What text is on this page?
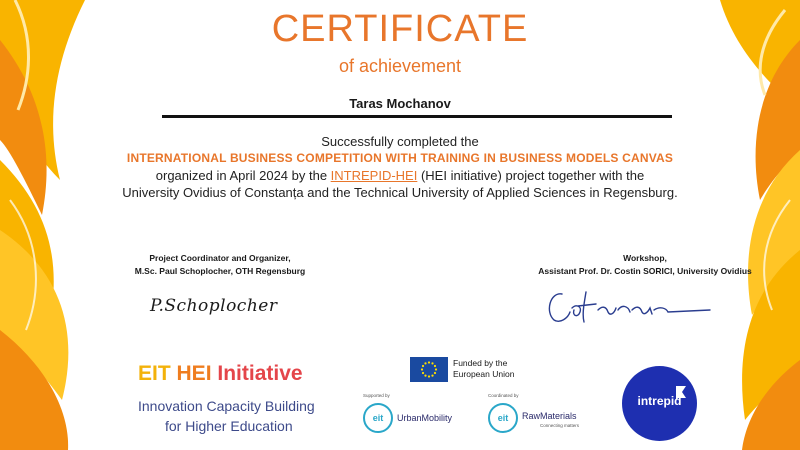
CERTIFICATE
of achievement
Taras Mochanov
Successfully completed the
INTERNATIONAL BUSINESS COMPETITION WITH TRAINING IN BUSINESS MODELS CANVAS
organized in April 2024 by the INTREPID-HEI (HEI initiative) project together with the
University Ovidius of Constanța and the Technical University of Applied Sciences in Regensburg.
Project Coordinator and Organizer,
M.Sc. Paul Schoplocher, OTH Regensburg
Workshop,
Assistant Prof. Dr. Costin SORICI, University Ovidius
P.Schoplocher
EIT HEI Initiative
Innovation Capacity Building
for Higher Education
Funded by the
European Union
Supported by
eit	UrbanMobility
Coordinated by
eit	RawMaterials
Connecting matters
intrepid
